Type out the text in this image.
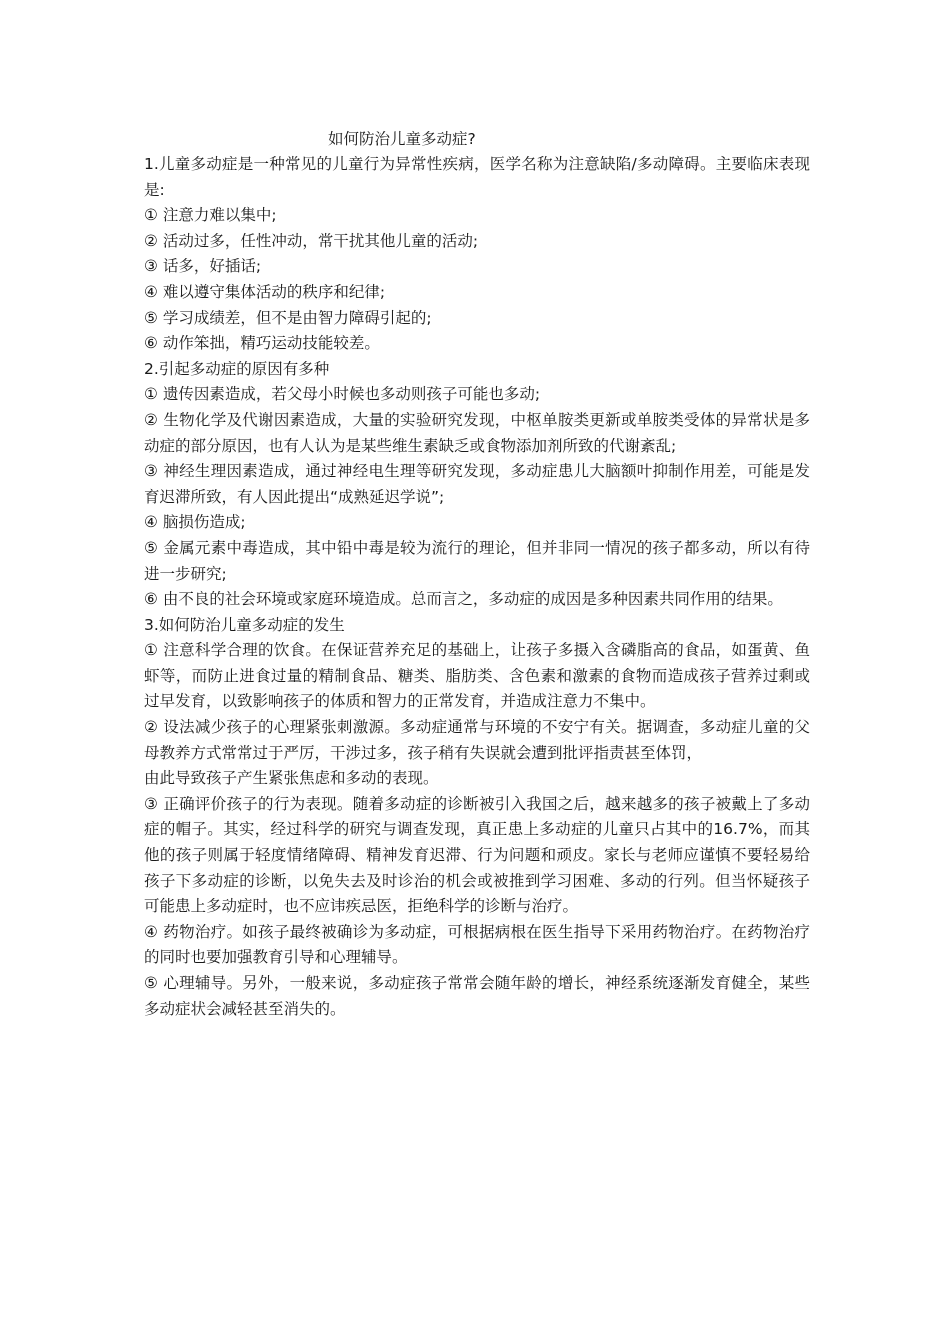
如何防治儿童多动症?

1.儿童多动症是一种常见的儿童行为异常性疾病，医学名称为注意缺陷/多动障碍。主要临床表现是:

① 注意力难以集中;

② 活动过多，任性冲动，常干扰其他儿童的活动;

③ 话多，好插话;

④ 难以遵守集体活动的秩序和纪律;

⑤ 学习成绩差，但不是由智力障碍引起的;

⑥ 动作笨拙，精巧运动技能较差。

2.引起多动症的原因有多种

① 遗传因素造成，若父母小时候也多动则孩子可能也多动;

② 生物化学及代谢因素造成，大量的实验研究发现，中枢单胺类更新或单胺类受体的异常状是多动症的部分原因，也有人认为是某些维生素缺乏或食物添加剂所致的代谢紊乱;

③ 神经生理因素造成，通过神经电生理等研究发现，多动症患儿大脑额叶抑制作用差，可能是发育迟滞所致，有人因此提出“成熟延迟学说”;

④ 脑损伤造成;

⑤ 金属元素中毒造成，其中铅中毒是较为流行的理论，但并非同一情况的孩子都多动，所以有待进一步研究;

⑥ 由不良的社会环境或家庭环境造成。总而言之，多动症的成因是多种因素共同作用的结果。

3.如何防治儿童多动症的发生

① 注意科学合理的饮食。在保证营养充足的基础上，让孩子多摄入含磷脂高的食品，如蛋黄、鱼虾等，而防止进食过量的精制食品、糖类、脂肪类、含色素和激素的食物而造成孩子营养过剩或过早发育，以致影响孩子的体质和智力的正常发育，并造成注意力不集中。

② 设法减少孩子的心理紧张刺激源。多动症通常与环境的不安宁有关。据调查，多动症儿童的父母教养方式常常过于严厉，干涉过多，孩子稍有失误就会遭到批评指责甚至体罚，

由此导致孩子产生紧张焦虑和多动的表现。

③ 正确评价孩子的行为表现。随着多动症的诊断被引入我国之后，越来越多的孩子被戴上了多动症的帽子。其实，经过科学的研究与调查发现，真正患上多动症的儿童只占其中的16.7%，而其他的孩子则属于轻度情绪障碍、精神发育迟滞、行为问题和顽皮。家长与老师应谨慎不要轻易给孩子下多动症的诊断，以免失去及时诊治的机会或被推到学习困难、多动的行列。但当怀疑孩子可能患上多动症时，也不应讳疾忌医，拒绝科学的诊断与治疗。

④ 药物治疗。如孩子最终被确诊为多动症，可根据病根在医生指导下采用药物治疗。在药物治疗的同时也要加强教育引导和心理辅导。

⑤ 心理辅导。另外，一般来说，多动症孩子常常会随年龄的增长，神经系统逐渐发育健全，某些多动症状会减轻甚至消失的。
